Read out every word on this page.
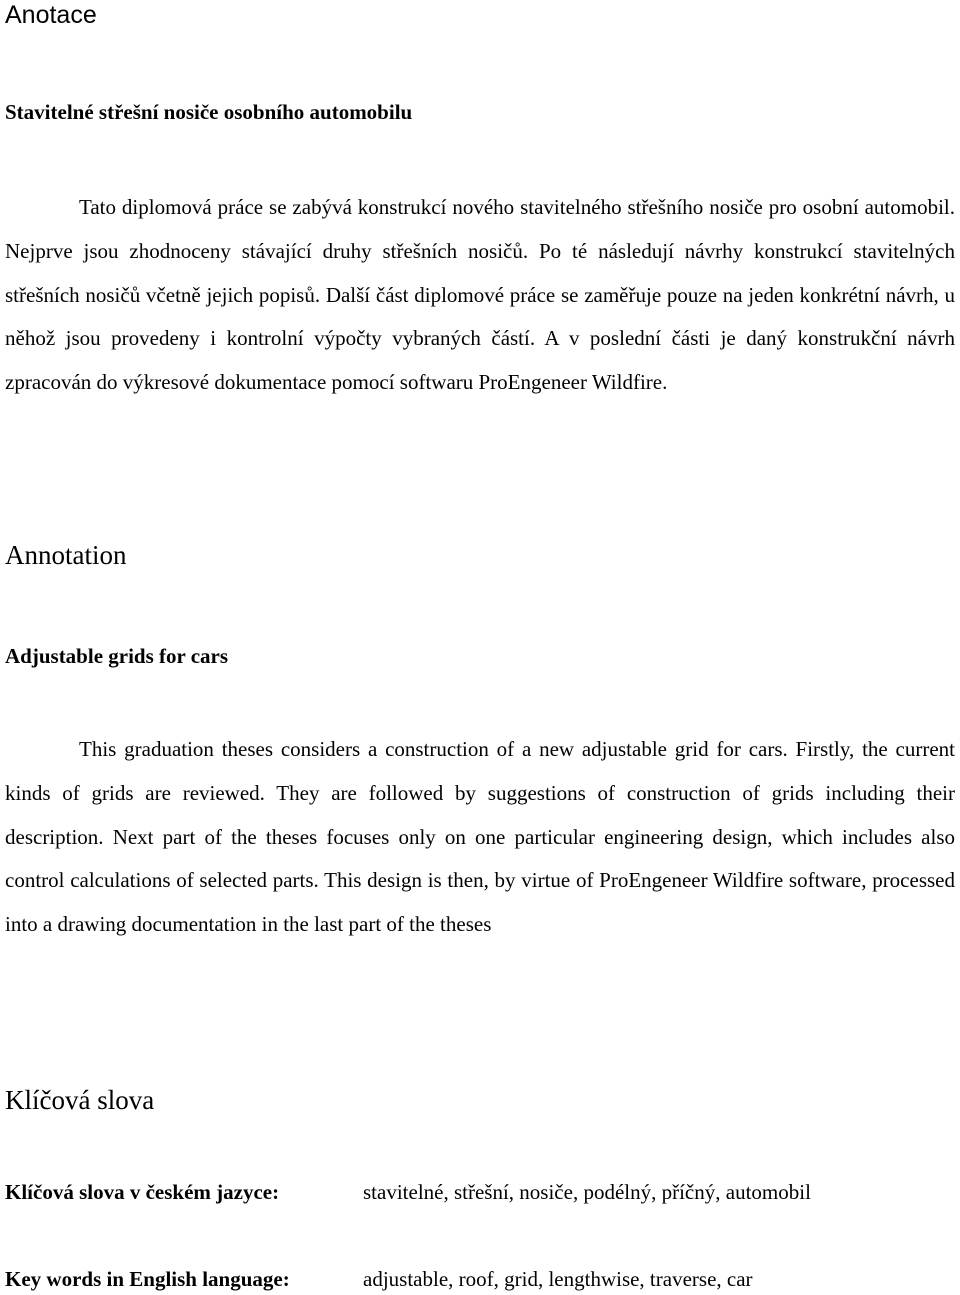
Anotace
Stavitelné střešní nosiče osobního automobilu

Tato diplomová práce se zabývá konstrukcí nového stavitelného střešního nosiče pro osobní automobil. Nejprve jsou zhodnoceny stávající druhy střešních nosičů. Po té následují návrhy konstrukcí stavitelných střešních nosičů včetně jejich popisů. Další část diplomové práce se zaměřuje pouze na jeden konkrétní návrh, u něhož jsou provedeny i kontrolní výpočty vybraných částí. A v poslední části je daný konstrukční návrh zpracován do výkresové dokumentace pomocí softwaru ProEngeneer Wildfire.

Annotation
Adjustable grids for cars

This graduation theses considers a construction of a new adjustable grid for cars. Firstly, the current kinds of grids are reviewed. They are followed by suggestions of construction of grids including their description. Next part of the theses focuses only on one particular engineering design, which includes also control calculations of selected parts. This design is then, by virtue of ProEngeneer Wildfire software, processed into a drawing documentation in the last part of the theses

Klíčová slova
Klíčová slova v českém jazyce:	stavitelné, střešní, nosiče, podélný, příčný, automobil
Key words in English language:	adjustable, roof, grid, lengthwise, traverse, car
